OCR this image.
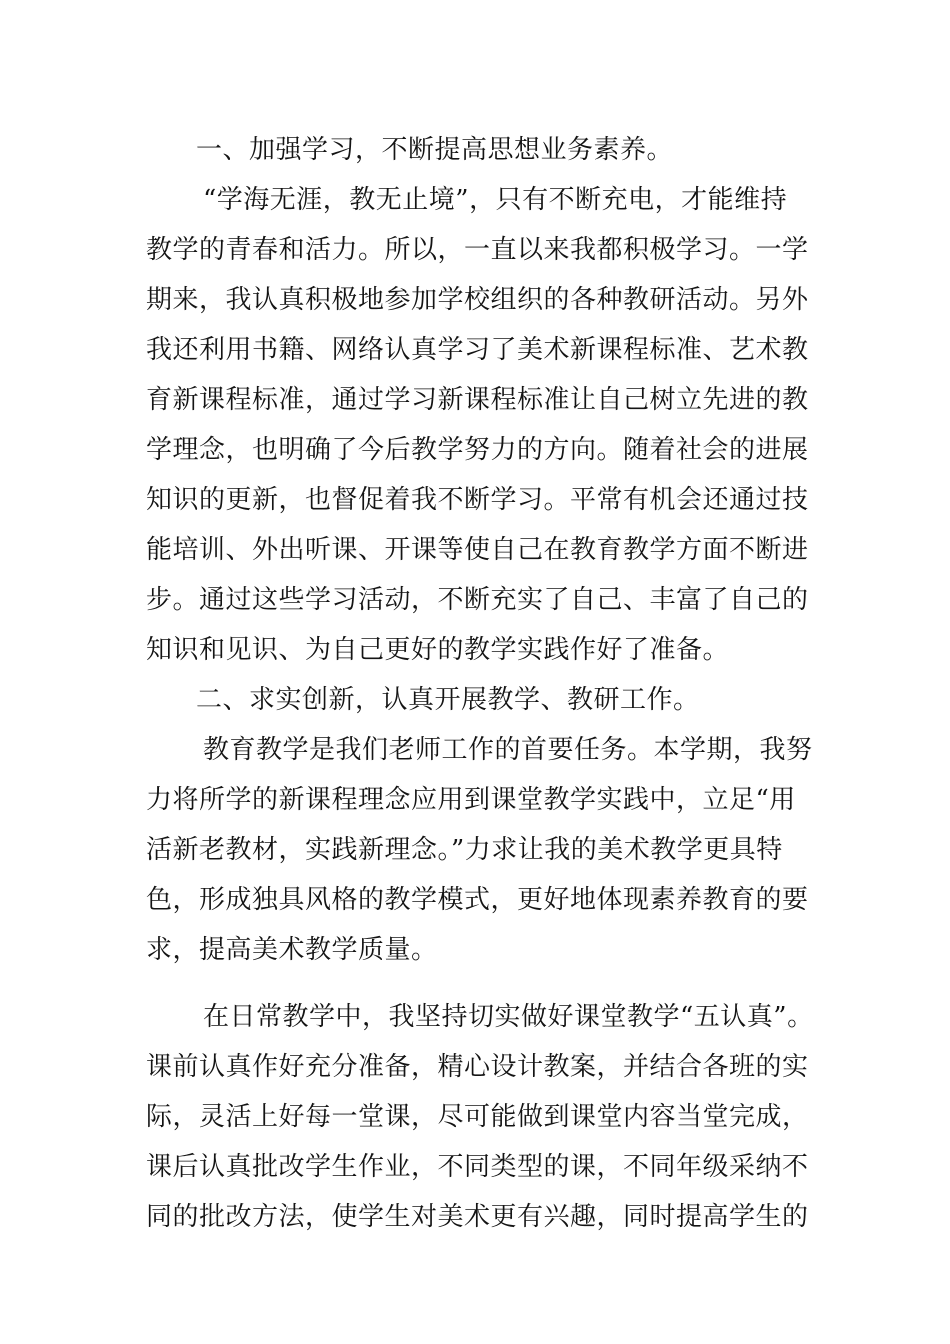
一、加强学习，不断提高思想业务素养。
“学海无涯，教无止境”，只有不断充电，才能维持
教学的青春和活力。所以，一直以来我都积极学习。一学
期来，我认真积极地参加学校组织的各种教研活动。另外
我还利用书籍、网络认真学习了美术新课程标准、艺术教
育新课程标准，通过学习新课程标准让自己树立先进的教
学理念，也明确了今后教学努力的方向。随着社会的进展
知识的更新，也督促着我不断学习。平常有机会还通过技
能培训、外出听课、开课等使自己在教育教学方面不断进
步。通过这些学习活动，不断充实了自己、丰富了自己的
知识和见识、为自己更好的教学实践作好了准备。
二、求实创新，认真开展教学、教研工作。
教育教学是我们老师工作的首要任务。本学期，我努
力将所学的新课程理念应用到课堂教学实践中，立足“用
活新老教材，实践新理念。”力求让我的美术教学更具特
色，形成独具风格的教学模式，更好地体现素养教育的要
求，提高美术教学质量。
在日常教学中，我坚持切实做好课堂教学“五认真”。
课前认真作好充分准备，精心设计教案，并结合各班的实
际，灵活上好每一堂课，尽可能做到课堂内容当堂完成，
课后认真批改学生作业，不同类型的课，不同年级采纳不
同的批改方法，使学生对美术更有兴趣，同时提高学生的
